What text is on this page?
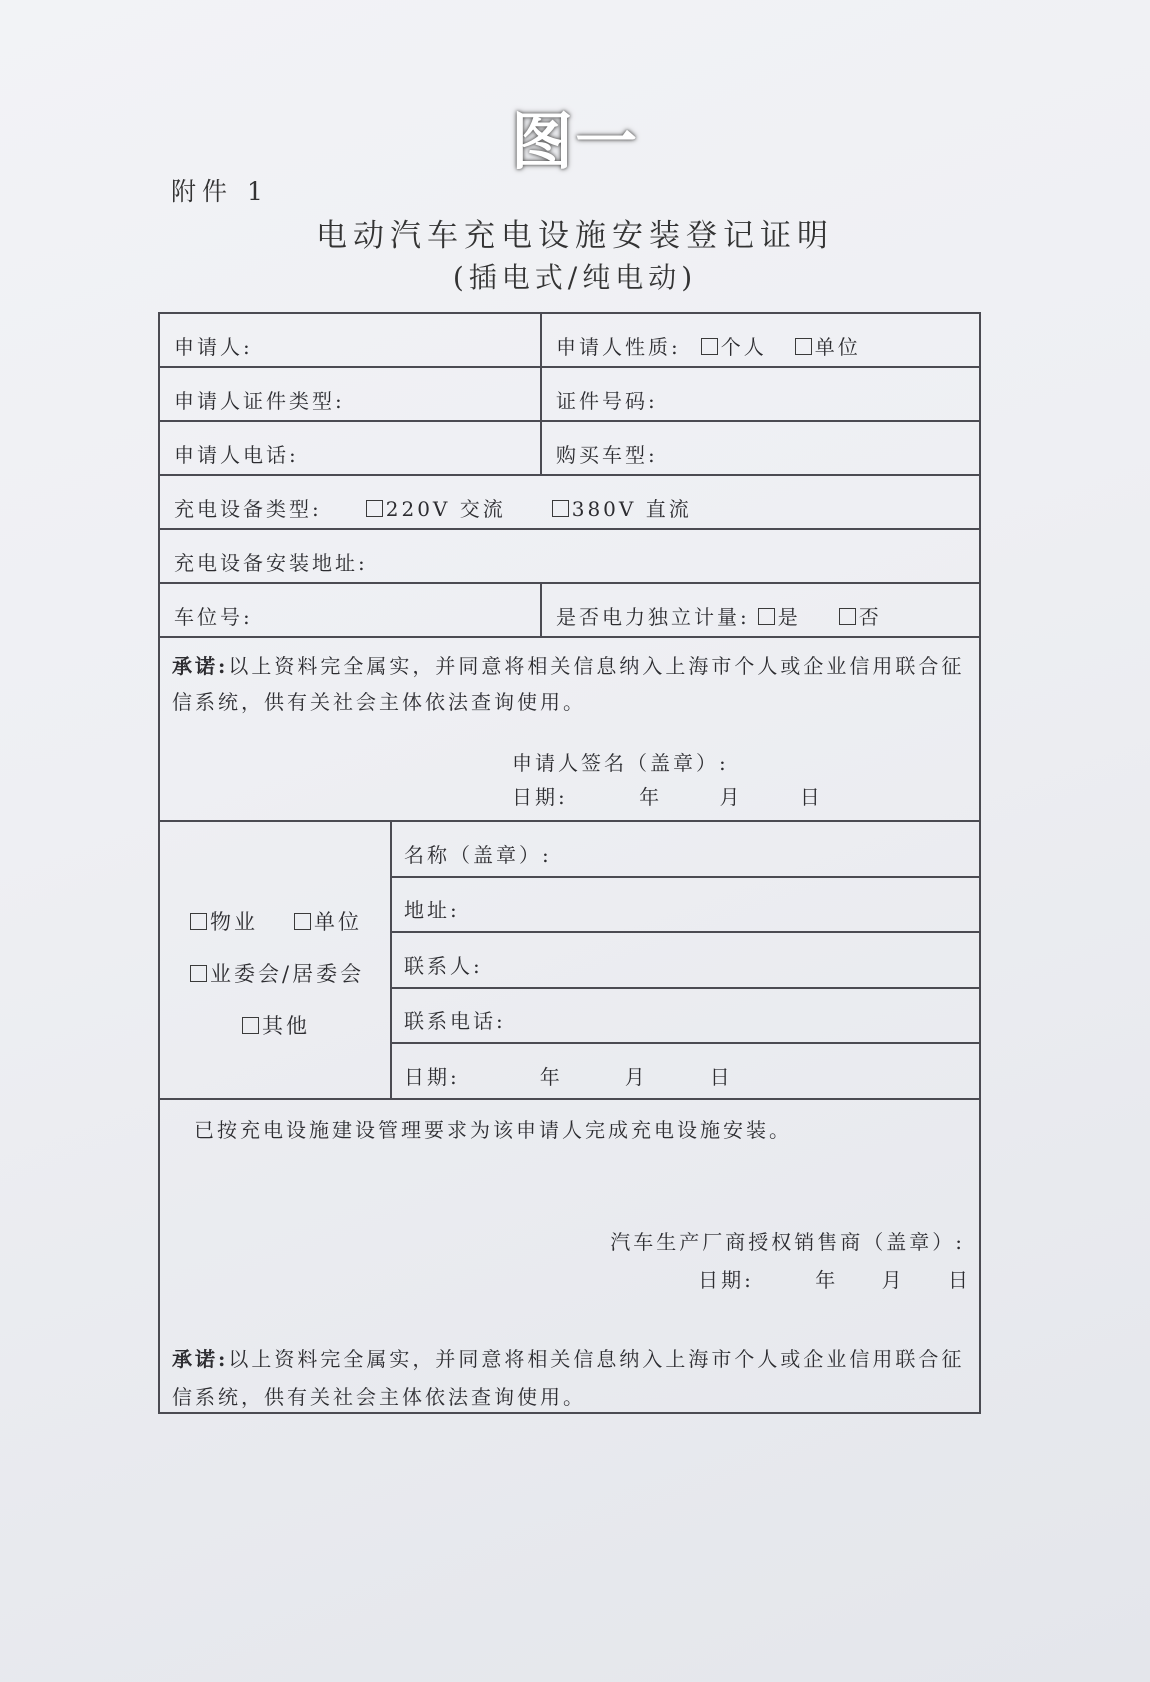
图一
附件 1
电动汽车充电设施安装登记证明
(插电式/纯电动)
申请人:	申请人性质:	个人	单位
申请人证件类型:	证件号码:
申请人电话:	购买车型:
充电设备类型:	220V 交流	380V 直流
充电设备安装地址:
车位号:	是否电力独立计量:	是	否
承诺:以上资料完全属实，并同意将相关信息纳入上海市个人或企业信用联合征信系统，供有关社会主体依法查询使用。
申请人签名（盖章）:
日期:	年	月	日
物业	单位
业委会/居委会
其他
名称（盖章）:
地址:
联系人:
联系电话:
日期:	年	月	日
已按充电设施建设管理要求为该申请人完成充电设施安装。
汽车生产厂商授权销售商（盖章）:
日期:	年 月 日
承诺:以上资料完全属实，并同意将相关信息纳入上海市个人或企业信用联合征信系统，供有关社会主体依法查询使用。
